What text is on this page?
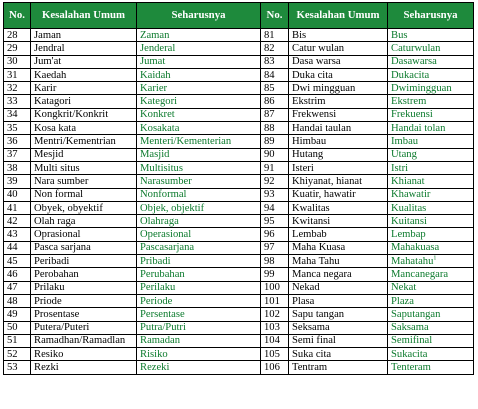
No.	Kesalahan Umum	Seharusnya	No.	Kesalahan Umum	Seharusnya
28	Jaman	Zaman	81	Bis	Bus
29	Jendral	Jenderal	82	Catur wulan	Caturwulan
30	Jum'at	Jumat	83	Dasa warsa	Dasawarsa
31	Kaedah	Kaidah	84	Duka cita	Dukacita
32	Karir	Karier	85	Dwi mingguan	Dwimingguan
33	Katagori	Kategori	86	Ekstrim	Ekstrem
34	Kongkrit/Konkrit	Konkret	87	Frekwensi	Frekuensi
35	Kosa kata	Kosakata	88	Handai taulan	Handai tolan
36	Mentri/Kementrian	Menteri/Kementerian	89	Himbau	Imbau
37	Mesjid	Masjid	90	Hutang	Utang
38	Multi situs	Multisitus	91	Isteri	Istri
39	Nara sumber	Narasumber	92	Khiyanat, hianat	Khianat
40	Non formal	Nonformal	93	Kuatir, hawatir	Khawatir
41	Obyek, obyektif	Objek, objektif	94	Kwalitas	Kualitas
42	Olah raga	Olahraga	95	Kwitansi	Kuitansi
43	Oprasional	Operasional	96	Lembab	Lembap
44	Pasca sarjana	Pascasarjana	97	Maha Kuasa	Mahakuasa
45	Peribadi	Pribadi	98	Maha Tahu	Mahatahu$^1$
46	Perobahan	Perubahan	99	Manca negara	Mancanegara
47	Prilaku	Perilaku	100	Nekad	Nekat
48	Priode	Periode	101	Plasa	Plaza
49	Prosentase	Persentase	102	Sapu tangan	Saputangan
50	Putera/Puteri	Putra/Putri	103	Seksama	Saksama
51	Ramadhan/Ramadlan	Ramadan	104	Semi final	Semifinal
52	Resiko	Risiko	105	Suka cita	Sukacita
53	Rezki	Rezeki	106	Tentram	Tenteram
